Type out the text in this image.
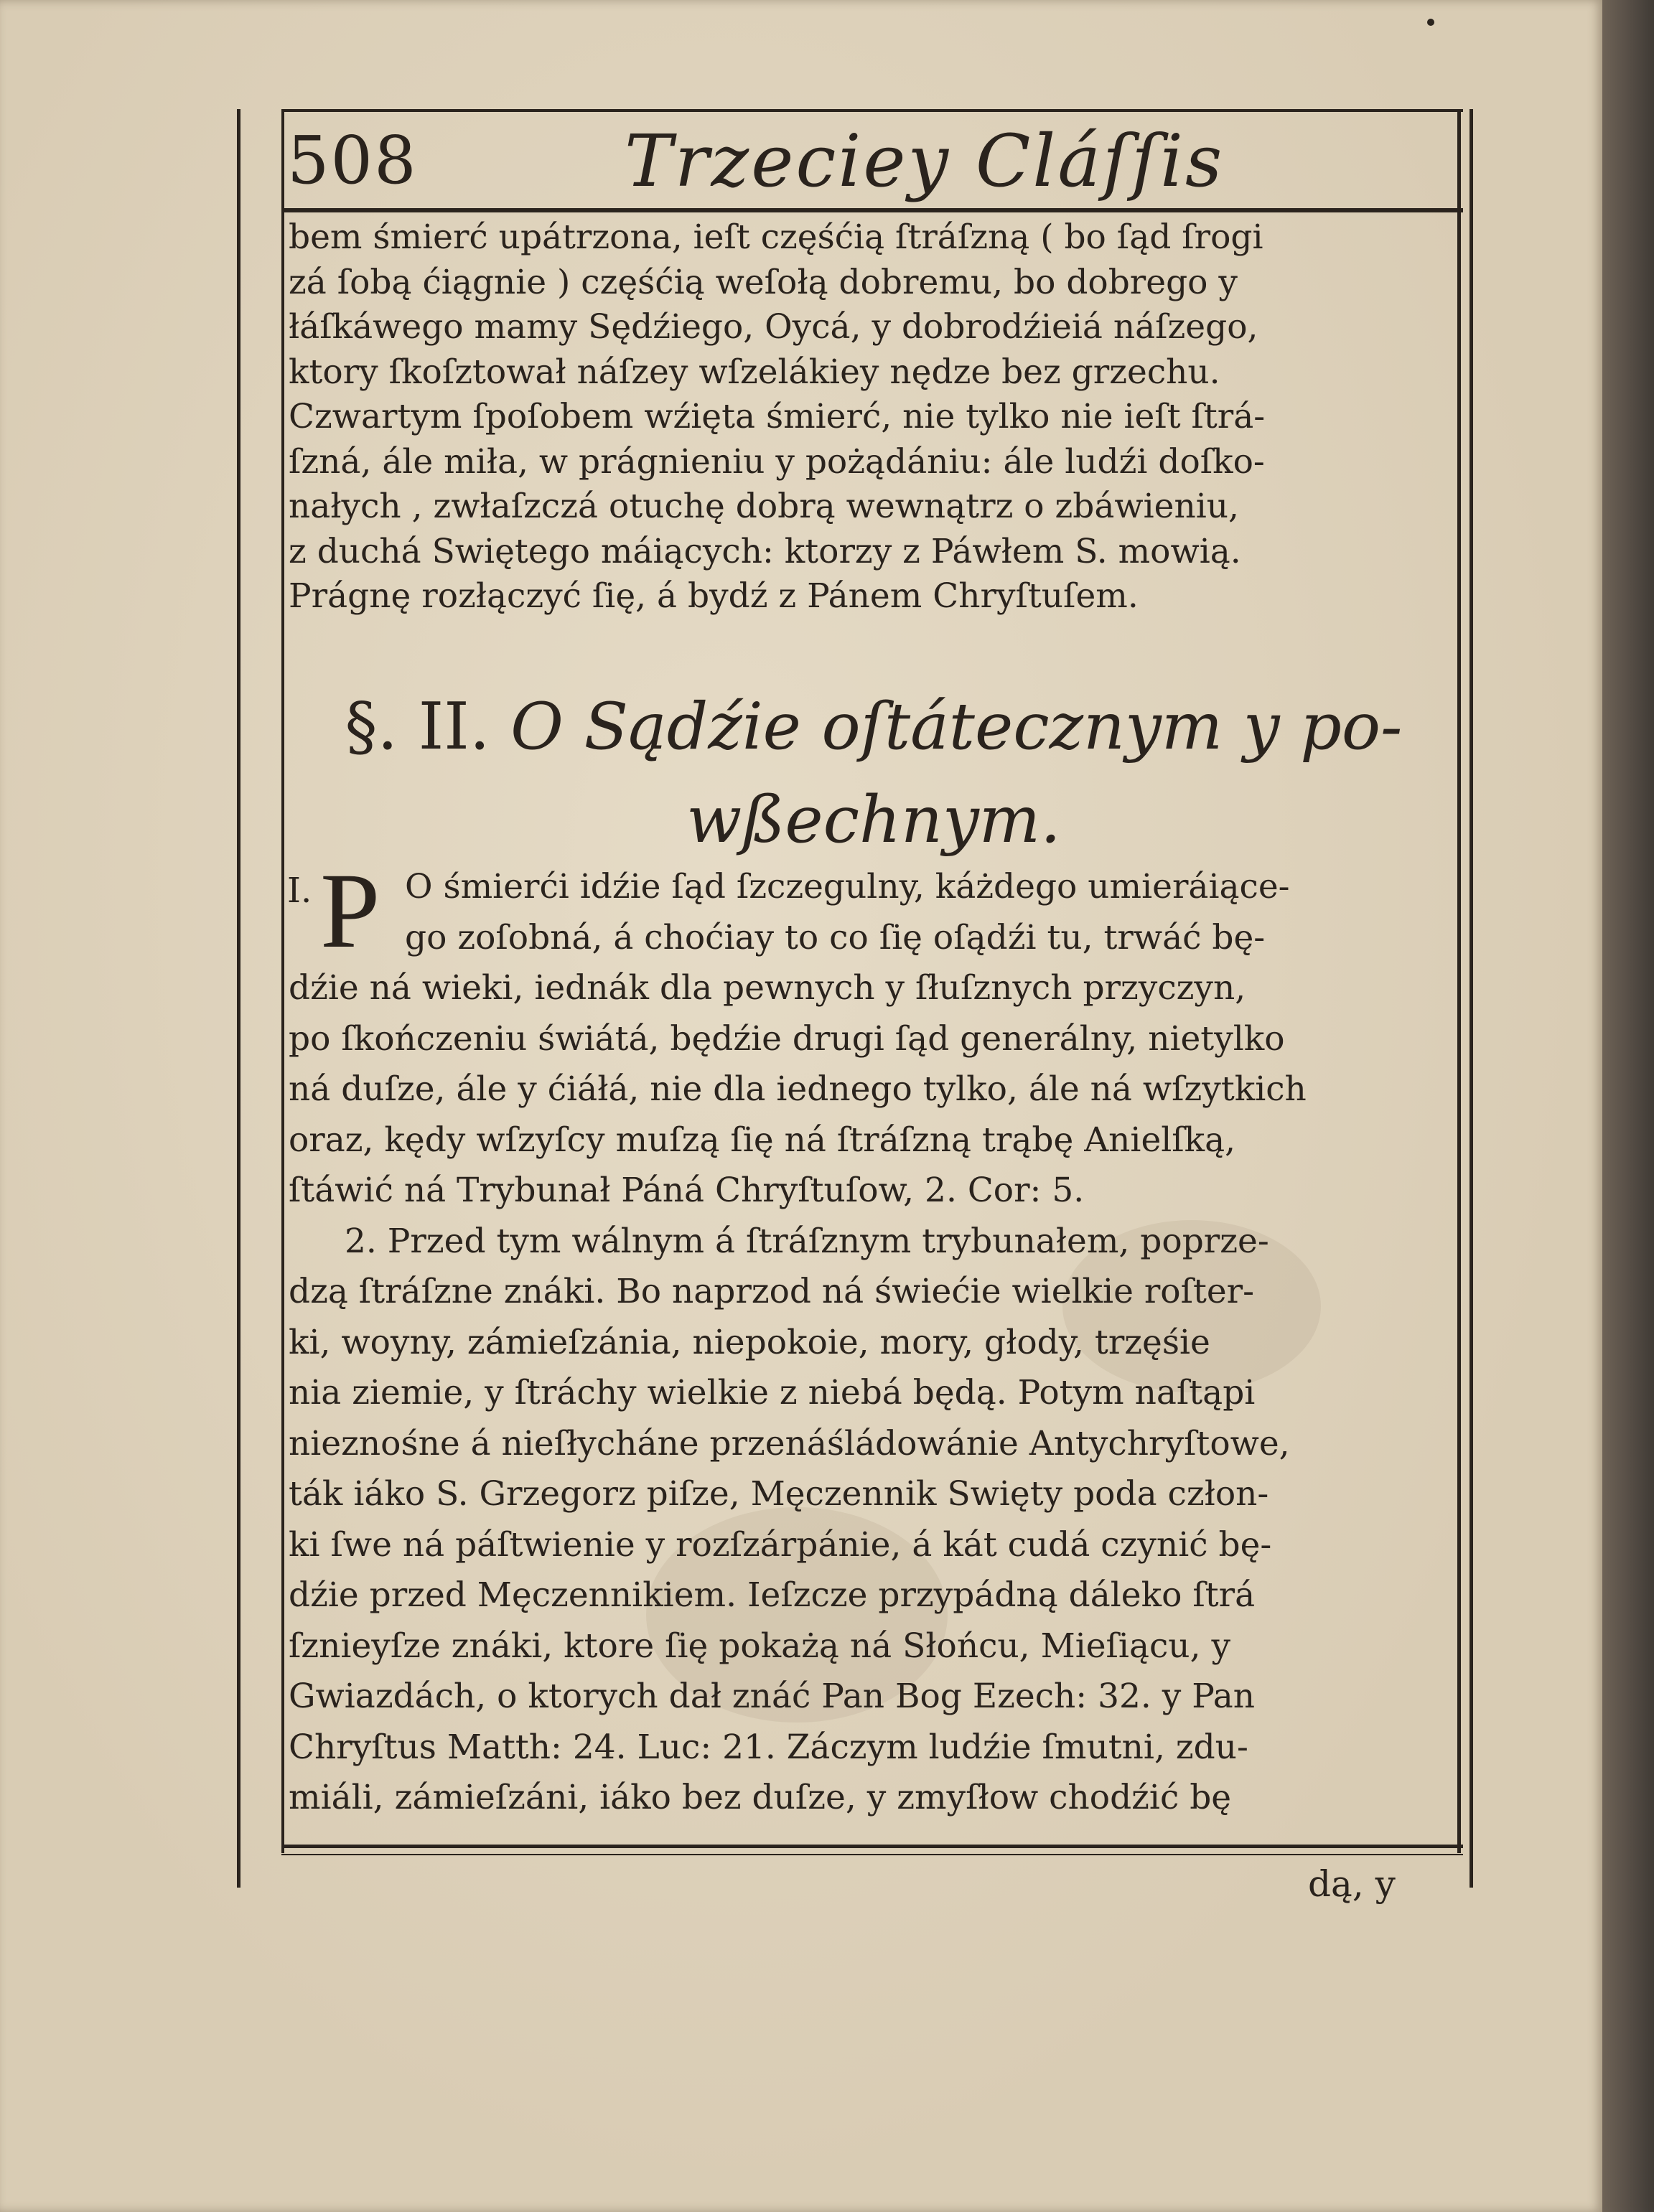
508	Trzeciey Cláſſis
bem śmierć upátrzona, ieſt częśćią ſtráſzną ( bo ſąd ſrogi
zá ſobą ćiągnie ) częśćią weſołą dobremu, bo dobrego y
łáſkáwego mamy Sędźiego, Oycá, y dobrodźieiá náſzego,
ktory ſkoſztował náſzey wſzelákiey nędze bez grzechu.
Czwartym ſpoſobem wźięta śmierć, nie tylko nie ieſt ſtrá-
ſzná, ále miła, w prágnieniu y pożądániu: ále ludźi doſko-
nałych , zwłaſzczá otuchę dobrą wewnątrz o zbáwieniu,
z duchá Swiętego máiących: ktorzy z Páwłem S. mowią.
Prágnę rozłączyć ſię, á bydź z Pánem Chryſtuſem.
§. II. O Sądźie oſtátecznym y po-
wßechnym.
I. P O śmierći idźie ſąd ſzczegulny, káżdego umieráiące-
go zoſobná, á choćiay to co ſię oſądźi tu, trwáć bę-
dźie ná wieki, iednák dla pewnych y ſłuſznych przyczyn,
po ſkończeniu świátá, będźie drugi ſąd generálny, nietylko
ná duſze, ále y ćiáłá, nie dla iednego tylko, ále ná wſzytkich
oraz, kędy wſzyſcy muſzą ſię ná ſtráſzną trąbę Anielſką,
ſtáwić ná Trybunał Páná Chryſtuſow, 2. Cor: 5.
2. Przed tym wálnym á ſtráſznym trybunałem, poprze-
dzą ſtráſzne znáki. Bo naprzod ná świećie wielkie roſter-
ki, woyny, zámieſzánia, niepokoie, mory, głody, trzęśie
nia ziemie, y ſtráchy wielkie z niebá będą. Potym naſtąpi
nieznośne á nieſłycháne przenáśládowánie Antychryſtowe,
ták iáko S. Grzegorz piſze, Męczennik Swięty poda człon-
ki ſwe ná páſtwienie y rozſzárpánie, á kát cudá czynić bę-
dźie przed Męczennikiem. Ieſzcze przypádną dáleko ſtrá
ſznieyſze znáki, ktore ſię pokażą ná Słońcu, Mieſiącu, y
Gwiazdách, o ktorych dał znáć Pan Bog Ezech: 32. y Pan
Chryſtus Matth: 24. Luc: 21. Záczym ludźie ſmutni, zdu-
miáli, zámieſzáni, iáko bez duſze, y zmyſłow chodźić bę
dą, y
